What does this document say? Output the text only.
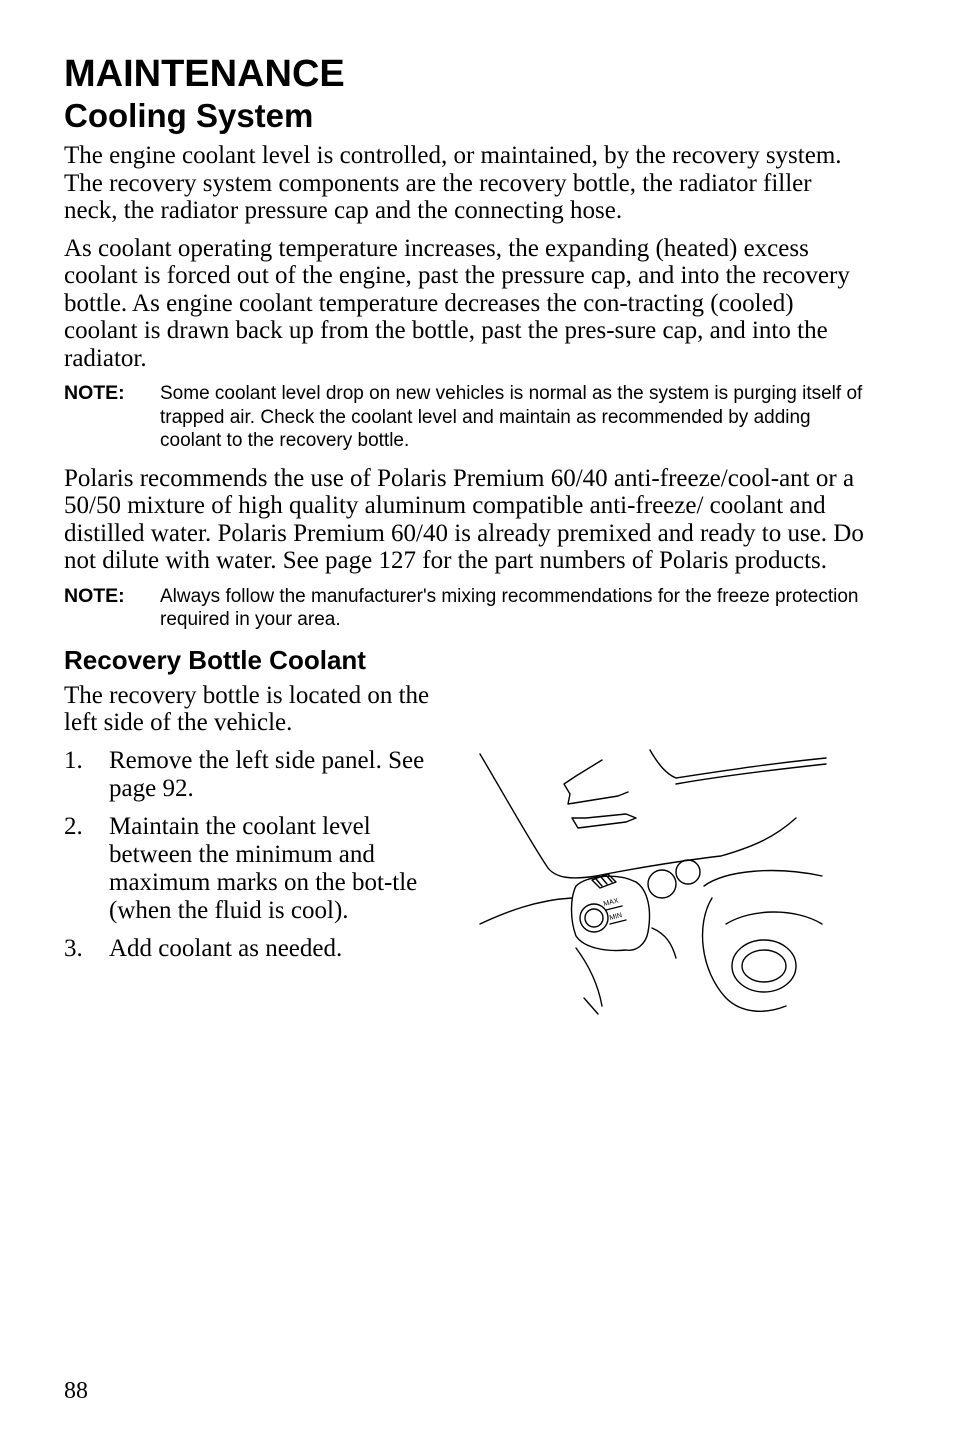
MAINTENANCE
Cooling System

The engine coolant level is controlled, or maintained, by the recovery system. The recovery system components are the recovery bottle, the radiator filler neck, the radiator pressure cap and the connecting hose.

As coolant operating temperature increases, the expanding (heated) excess coolant is forced out of the engine, past the pressure cap, and into the recovery bottle. As engine coolant temperature decreases the con-tracting (cooled) coolant is drawn back up from the bottle, past the pres-sure cap, and into the radiator.

NOTE:	Some coolant level drop on new vehicles is normal as the system is purging itself of trapped air. Check the coolant level and maintain as recommended by adding coolant to the recovery bottle.

Polaris recommends the use of Polaris Premium 60/40 anti-freeze/cool-ant or a 50/50 mixture of high quality aluminum compatible anti-freeze/ coolant and distilled water. Polaris Premium 60/40 is already premixed and ready to use. Do not dilute with water. See page 127 for the part numbers of Polaris products.

NOTE:	Always follow the manufacturer's mixing recommendations for the freeze protection required in your area.
Recovery Bottle Coolant

The recovery bottle is located on the left side of the vehicle.

1.	Remove the left side panel. See page 92.
2.	Maintain the coolant level between the minimum and maximum marks on the bot-tle (when the fluid is cool).
3.	Add coolant as needed.
MAX
MIN
88
